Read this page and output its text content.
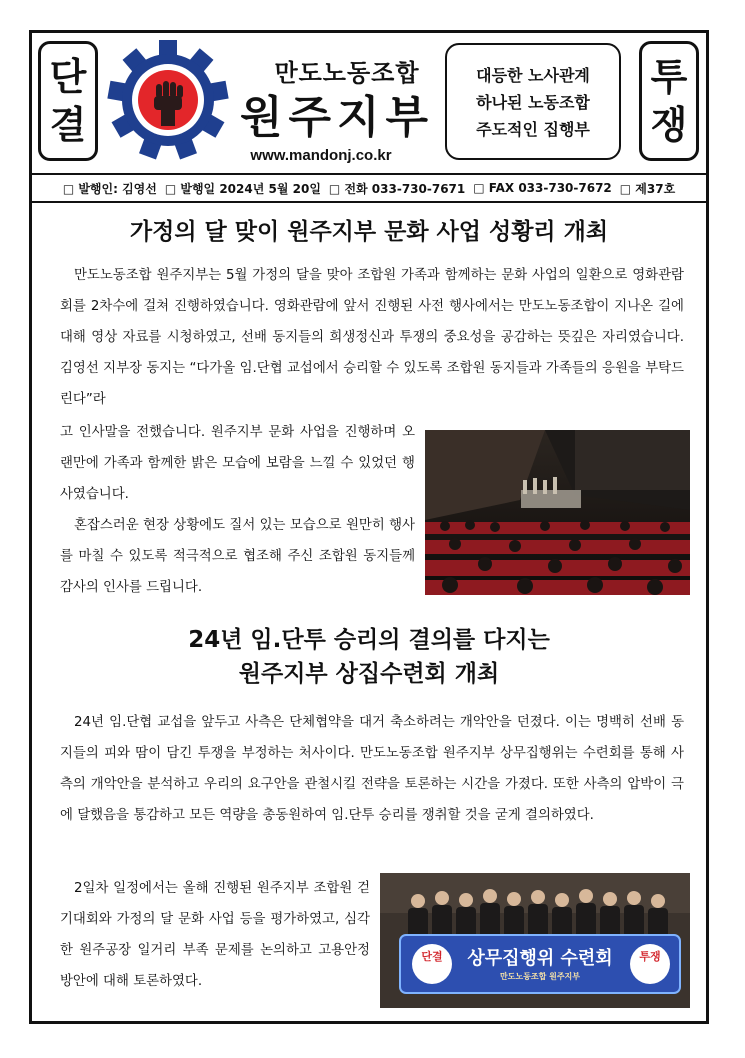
단
결
만도노동조합
원주지부
www.mandonj.co.kr
대등한 노사관계
하나된 노동조합
주도적인 집행부
투
쟁
□ 발행인: 김영선 □ 발행일 2024년 5월 20일 □ 전화 033-730-7671 □ FAX 033-730-7672 □ 제37호
가정의 달 맞이 원주지부 문화 사업 성황리 개최
만도노동조합 원주지부는 5월 가정의 달을 맞아 조합원 가족과 함께하는 문화 사업의 일환으로 영화관람회를 2차수에 걸쳐 진행하였습니다. 영화관람에 앞서 진행된 사전 행사에서는 만도노동조합이 지나온 길에 대해 영상 자료를 시청하였고, 선배 동지들의 희생정신과 투쟁의 중요성을 공감하는 뜻깊은 자리였습니다. 김영선 지부장 동지는 “다가올 임.단협 교섭에서 승리할 수 있도록 조합원 동지들과 가족들의 응원을 부탁드린다”라
고 인사말을 전했습니다. 원주지부 문화 사업을 진행하며 오랜만에 가족과 함께한 밝은 모습에 보람을 느낄 수 있었던 행사였습니다.
혼잡스러운 현장 상황에도 질서 있는 모습으로 원만히 행사를 마칠 수 있도록 적극적으로 협조해 주신 조합원 동지들께 감사의 인사를 드립니다.
24년 임.단투 승리의 결의를 다지는
원주지부 상집수련회 개최
24년 임.단협 교섭을 앞두고 사측은 단체협약을 대거 축소하려는 개악안을 던졌다. 이는 명백히 선배 동지들의 피와 땀이 담긴 투쟁을 부정하는 처사이다. 만도노동조합 원주지부 상무집행위는 수련회를 통해 사측의 개악안을 분석하고 우리의 요구안을 관철시킬 전략을 토론하는 시간을 가졌다. 또한 사측의 압박이 극에 달했음을 통감하고 모든 역량을 총동원하여 임.단투 승리를 쟁취할 것을 굳게 결의하였다.
2일차 일정에서는 올해 진행된 원주지부 조합원 걷기대회와 가정의 달 문화 사업 등을 평가하였고, 심각한 원주공장 일거리 부족 문제를 논의하고 고용안정 방안에 대해 토론하였다.
단결	투쟁
상무집행위 수련회
만도노동조합 원주지부
